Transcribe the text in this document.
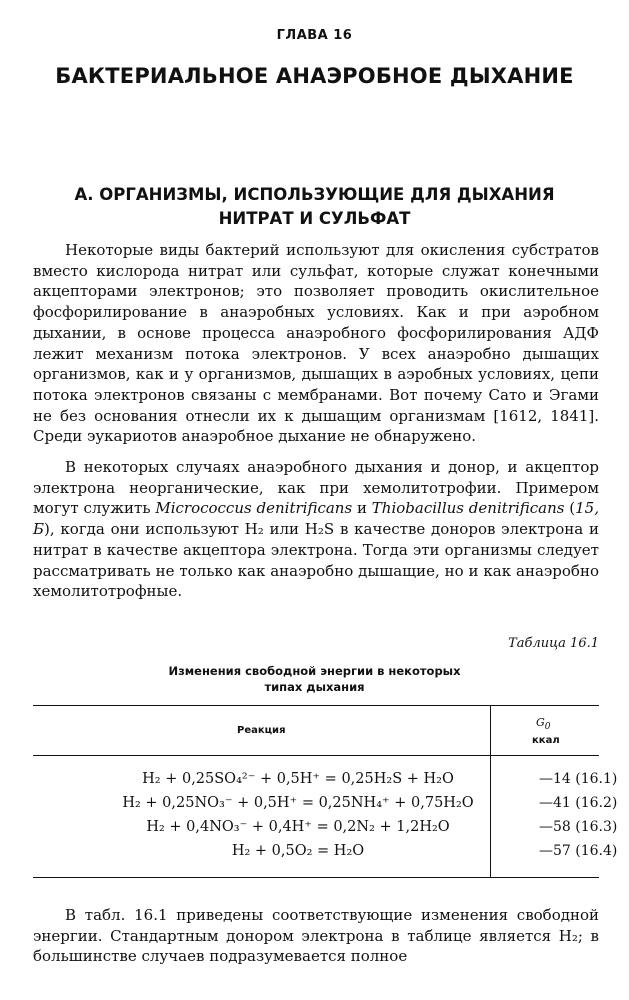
ГЛАВА 16
БАКТЕРИАЛЬНОЕ АНАЭРОБНОЕ ДЫХАНИЕ
А. ОРГАНИЗМЫ, ИСПОЛЬЗУЮЩИЕ ДЛЯ ДЫХАНИЯ
НИТРАТ И СУЛЬФАТ

Некоторые виды бактерий используют для окисления субстратов вместо кислорода нитрат или сульфат, которые служат конечными акцепторами электронов; это позволяет проводить окислительное фосфорилирование в анаэробных условиях. Как и при аэробном дыхании, в основе процесса анаэробного фосфорилирования АДФ лежит механизм потока электронов. У всех анаэробно дышащих организмов, как и у организмов, дышащих в аэробных условиях, цепи потока электронов связаны с мембранами. Вот почему Сато и Эгами не без основания отнесли их к дышащим организмам [1612, 1841]. Среди эукариотов анаэробное дыхание не обнаружено.

В некоторых случаях анаэробного дыхания и донор, и акцептор электрона неорганические, как при хемолитотрофии. Примером могут служить Micrococcus denitrificans и Thiobacillus denitrificans (15, Б), когда они используют H₂ или H₂S в качестве доноров электрона и нитрат в качестве акцептора электрона. Тогда эти организмы следует рассматривать не только как анаэробно дышащие, но и как анаэробно хемолитотрофные.

Таблица 16.1
Изменения свободной энергии в некоторых
типах дыхания
Реакция
$G_0$
ккал
H₂ + 0,25SO₄²⁻ + 0,5H⁺ = 0,25H₂S + H₂O	—14 (16.1)
H₂ + 0,25NO₃⁻ + 0,5H⁺ = 0,25NH₄⁺ + 0,75H₂O	—41 (16.2)
H₂ + 0,4NO₃⁻ + 0,4H⁺ = 0,2N₂ + 1,2H₂O	—58 (16.3)
H₂ + 0,5O₂ = H₂O	—57 (16.4)

В табл. 16.1 приведены соответствующие изменения свободной энергии. Стандартным донором электрона в таблице является H₂; в большинстве случаев подразумевается полное
